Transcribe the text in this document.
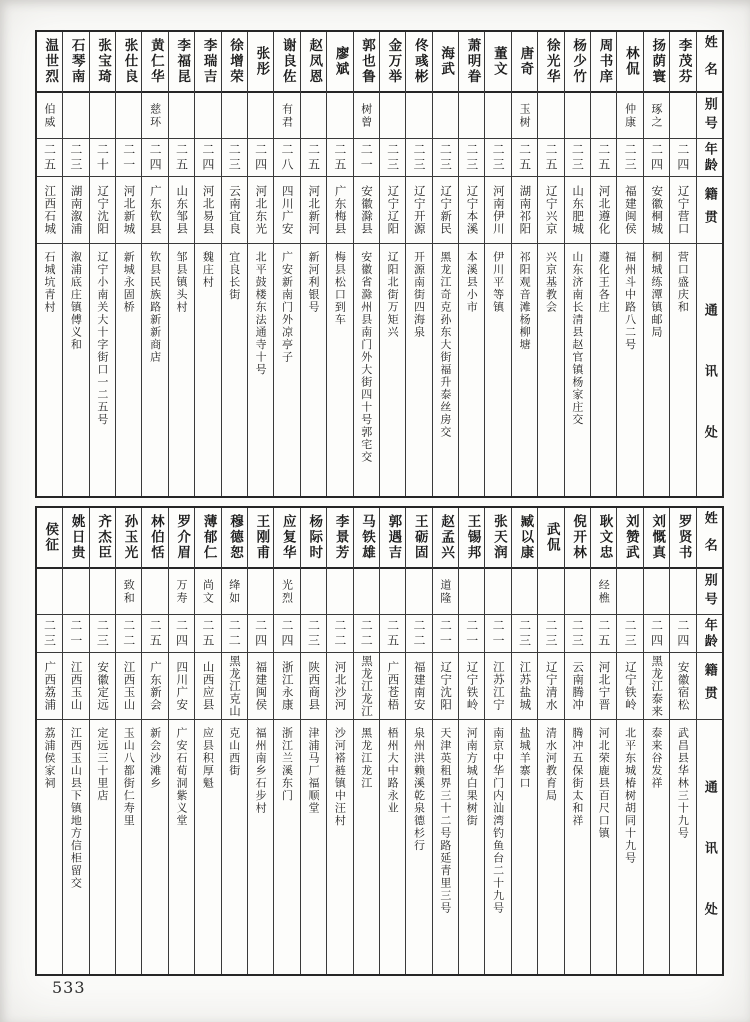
姓名
别号
年龄
籍贯
通讯处
李茂芬
二四
辽宁营口
营口盛庆和
扬荫寰
琢之
二四
安徽桐城
桐城练潭镇邮局
林侃
仲康
二三
福建闽侯
福州斗中路八二号
周书庠
二五
河北遵化
遵化王各庄
杨少竹
二三
山东肥城
山东济南长清县赵官镇杨家庄交
徐光华
二五
辽宁兴京
兴京基教会
唐奇
玉树
二五
湖南祁阳
祁阳观音滩杨柳塘
董文
二三
河南伊川
伊川平等镇
萧明眷
二三
辽宁本溪
本溪县小市
海武
二三
辽宁新民
黑龙江奇克孙东大街福升泰丝房交
佟彧彬
二三
辽宁开源
开源南街四海泉
金万举
二三
辽宁辽阳
辽阳北街万矩兴
郭也鲁
树曾
二一
安徽滁县
安徽省滁州县南门外大街四十号郭宅交
廖斌
二五
广东梅县
梅县松口到车
赵凤恩
二五
河北新河
新河利银号
谢良佐
有君
二八
四川广安
广安新南门外凉亭子
张彤
二四
河北东光
北平鼓楼东法通寺十号
徐增荣
二三
云南宜良
宜良长街
李瑞吉
二四
河北易县
魏庄村
李福昆
二五
山东邹县
邹县镇头村
黄仁华
慈环
二四
广东钦县
钦县民族路新新商店
张仕良
二一
河北新城
新城永固桥
张宝琦
二十
辽宁沈阳
辽宁小南关大十字街口一二五号
石琴南
二三
湖南溆浦
溆浦底庄镇傅义和
温世烈
伯威
二五
江西石城
石城坑青村
姓名
别号
年龄
籍贯
通讯处
罗贤书
二四
安徽宿松
武昌县华林三十九号
刘慨真
二四
黑龙江泰来
泰来谷发祥
刘赞武
二三
辽宁铁岭
北平东城椿树胡同十九号
耿文忠
经樵
二五
河北宁晋
河北荣鹿县百尺口镇
倪开林
二三
云南腾冲
腾冲五保街太和祥
武侃
二三
辽宁清水
清水河教育局
臧以康
二三
江苏盐城
盐城羊寨口
张天润
二一
江苏江宁
南京中华门内汕湾钓鱼台二十九号
王锡邦
二一
辽宁铁岭
河南方城白果树街
赵孟兴
道隆
二一
辽宁沈阳
天津英租界三十二号路延青里三号
王砺固
二二
福建南安
泉州洪赖溪乾泉德杉行
郭遇吉
二五
广西苍梧
梧州大中路永业
马铁雄
二二
黑龙江龙江
黑龙江龙江
李景芳
二二
河北沙河
沙河褡裢镇中汪村
杨际时
二三
陕西商县
津浦马厂福顺堂
应复华
光烈
二四
浙江永康
浙江兰溪东门
王刚甫
二四
福建闽侯
福州南乡石步村
穆德恕
绛如
二二
黑龙江克山
克山西街
薄郁仁
尚文
二五
山西应县
应县积厚魁
罗介眉
万寿
二四
四川广安
广安石荀洞紫义堂
林伯恬
二五
广东新会
新会沙滩乡
孙玉光
致和
二二
江西玉山
玉山八都街仁寿里
齐杰臣
二三
安徽定远
定远三十里店
姚日贵
二一
江西玉山
江西玉山县下镇地方信柜留交
侯征
二三
广西荔浦
荔浦侯家祠
533
